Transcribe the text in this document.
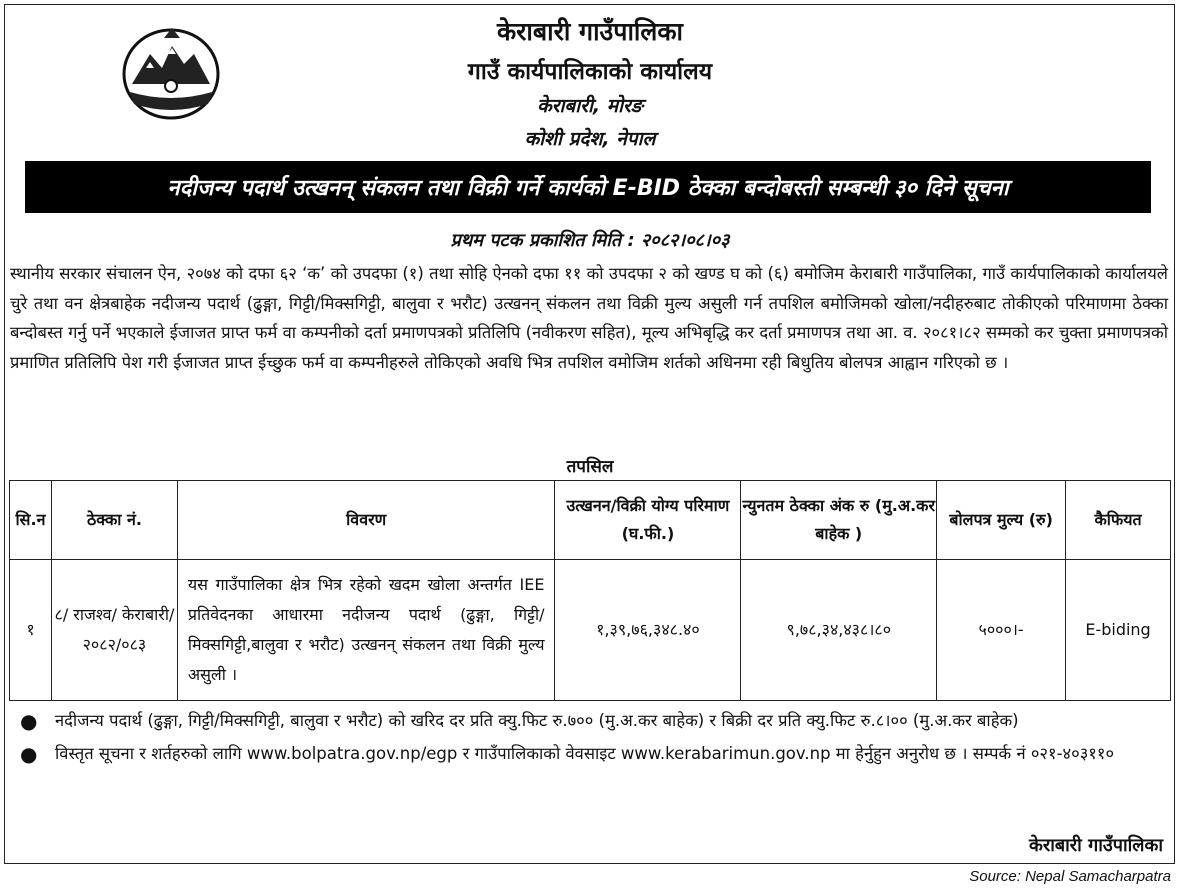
केराबारी गाउँपालिका
गाउँ कार्यपालिकाको कार्यालय
केराबारी, मोरङ
कोशी प्रदेश, नेपाल
नदीजन्य पदार्थ उत्खनन् संकलन तथा विक्री गर्ने कार्यको E-BID ठेक्का बन्दोबस्ती सम्बन्धी ३० दिने सूचना
प्रथम पटक प्रकाशित मिति : २०८२।०८।०३
स्थानीय सरकार संचालन ऐन, २०७४ को दफा ६२ ‘क’ को उपदफा (१) तथा सोहि ऐनको दफा ११ को उपदफा २ को खण्ड घ को (६) बमोजिम केराबारी गाउँपालिका, गाउँ कार्यपालिकाको कार्यालयले चुरे तथा वन क्षेत्रबाहेक नदीजन्य पदार्थ (ढुङ्गा, गिट्टी/मिक्सगिट्टी, बालुवा र भरौट) उत्खनन् संकलन तथा विक्री मुल्य असुली गर्न तपशिल बमोजिमको खोला/नदीहरुबाट तोकीएको परिमाणमा ठेक्का बन्दोबस्त गर्नु पर्ने भएकाले ईजाजत प्राप्त फर्म वा कम्पनीको दर्ता प्रमाणपत्रको प्रतिलिपि (नवीकरण सहित), मूल्य अभिबृद्धि कर दर्ता प्रमाणपत्र तथा आ. व. २०८१।८२ सम्मको कर चुक्ता प्रमाणपत्रको प्रमाणित प्रतिलिपि पेश गरी ईजाजत प्राप्त ईच्छुक फर्म वा कम्पनीहरुले तोकिएको अवधि भित्र तपशिल वमोजिम शर्तको अधिनमा रही बिधुतिय बोलपत्र आह्वान गरिएको छ ।
तपसिल
सि.न	ठेक्का नं.	विवरण	उत्खनन/विक्री योग्य परिमाण (घ.फी.)	न्युनतम ठेक्का अंक रु (मु.अ.कर बाहेक )	बोलपत्र मुल्य (रु)	कैफियत
१	८/ राजश्व/ केराबारी/ २०८२/०८३	यस गाउँपालिका क्षेत्र भित्र रहेको खदम खोला अन्तर्गत IEE प्रतिवेदनका आधारमा नदीजन्य पदार्थ (ढुङ्गा, गिट्टी/मिक्सगिट्टी,बालुवा र भरौट) उत्खनन् संकलन तथा विक्री मुल्य असुली ।	१,३९,७६,३४८.४०	९,७८,३४,४३८।८०	५०००।-	E-biding
● नदीजन्य पदार्थ (ढुङ्गा, गिट्टी/मिक्सगिट्टी, बालुवा र भरौट) को खरिद दर प्रति क्यु.फिट रु.७०० (मु.अ.कर बाहेक) र बिक्री दर प्रति क्यु.फिट रु.८।०० (मु.अ.कर बाहेक)
● विस्तृत सूचना र शर्तहरुको लागि www.bolpatra.gov.np/egp र गाउँपालिकाको वेवसाइट www.kerabarimun.gov.np मा हेर्नुहुन अनुरोध छ । सम्पर्क नं ०२१-४०३११०
केराबारी गाउँपालिका
Source: Nepal Samacharpatra
